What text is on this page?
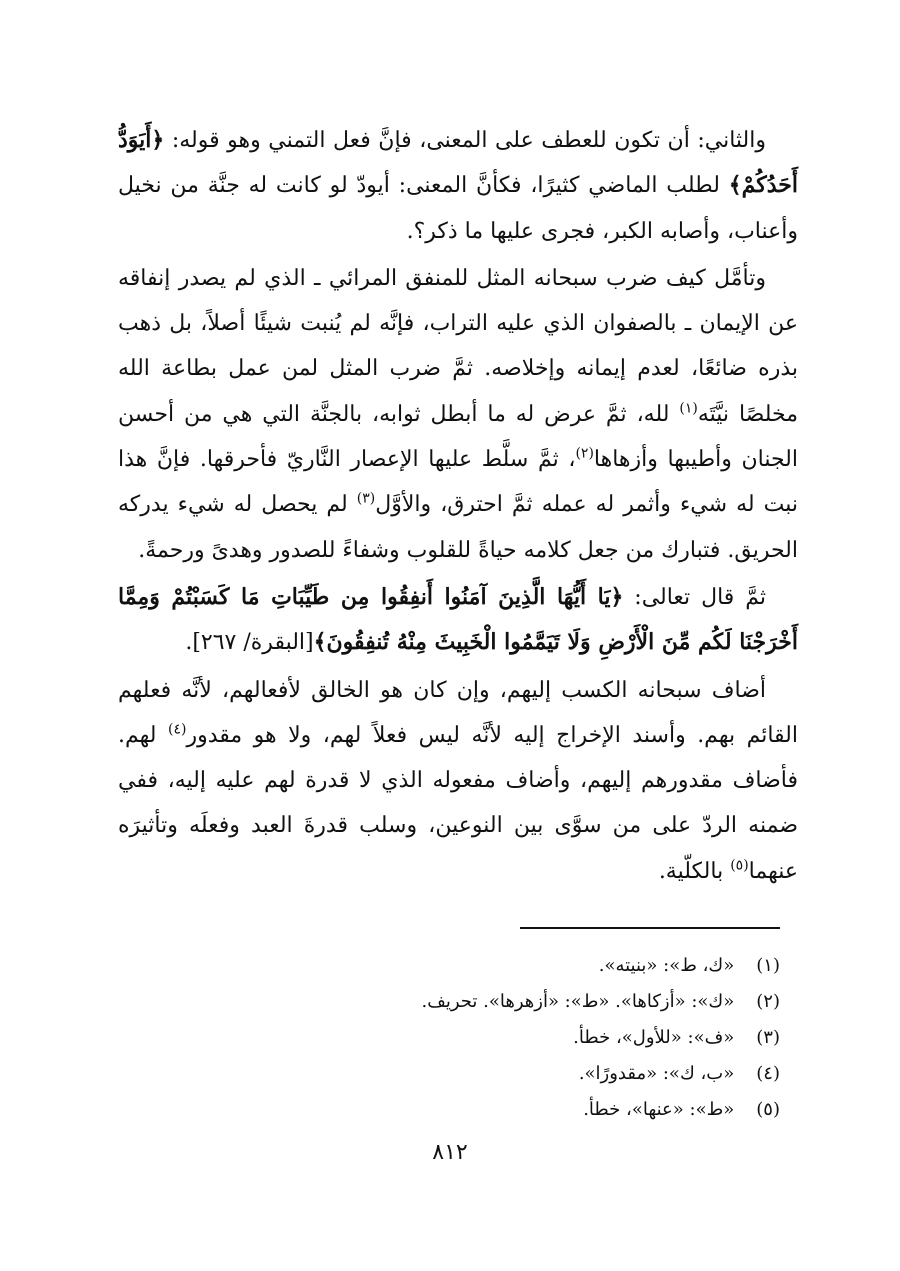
والثاني: أن تكون للعطف على المعنى، فإنَّ فعل التمني وهو قوله: ﴿أَيَوَدُّ أَحَدُكُمْ﴾ لطلب الماضي كثيرًا، فكأنَّ المعنى: أيودّ لو كانت له جنَّة من نخيل وأعناب، وأصابه الكبر، فجرى عليها ما ذكر؟.

وتأمَّل كيف ضرب سبحانه المثل للمنفق المرائي ـ الذي لم يصدر إنفاقه عن الإيمان ـ بالصفوان الذي عليه التراب، فإنَّه لم يُنبت شيئًا أصلاً، بل ذهب بذره ضائعًا، لعدم إيمانه وإخلاصه. ثمَّ ضرب المثل لمن عمل بطاعة الله مخلصًا نيَّتَه$^{(١)}$ لله، ثمَّ عرض له ما أبطل ثوابه، بالجنَّة التي هي من أحسن الجنان وأطيبها وأزهاها$^{(٢)}$، ثمَّ سلَّط عليها الإعصار النَّاريّ فأحرقها. فإنَّ هذا نبت له شيء وأثمر له عمله ثمَّ احترق، والأوَّل$^{(٣)}$ لم يحصل له شيء يدركه الحريق. فتبارك من جعل كلامه حياةً للقلوب وشفاءً للصدور وهدىً ورحمةً.

ثمَّ قال تعالى: ﴿يَا أَيُّهَا الَّذِينَ آمَنُوا أَنفِقُوا مِن طَيِّبَاتِ مَا كَسَبْتُمْ وَمِمَّا أَخْرَجْنَا لَكُم مِّنَ الْأَرْضِ وَلَا تَيَمَّمُوا الْخَبِيثَ مِنْهُ تُنفِقُونَ﴾[البقرة/ ٢٦٧].

أضاف سبحانه الكسب إليهم، وإن كان هو الخالق لأفعالهم، لأنَّه فعلهم القائم بهم. وأسند الإخراج إليه لأنَّه ليس فعلاً لهم، ولا هو مقدور$^{(٤)}$ لهم. فأضاف مقدورهم إليهم، وأضاف مفعوله الذي لا قدرة لهم عليه إليه، ففي ضمنه الردّ على من سوَّى بين النوعين، وسلب قدرةَ العبد وفعلَه وتأثيرَه عنهما$^{(٥)}$ بالكلّية.

(١) «ك، ط»: «بنيته».
(٢) «ك»: «أزكاها». «ط»: «أزهرها». تحريف.
(٣) «ف»: «للأول»، خطأ.
(٤) «ب، ك»: «مقدورًا».
(٥) «ط»: «عنها»، خطأ.
٨١٢
